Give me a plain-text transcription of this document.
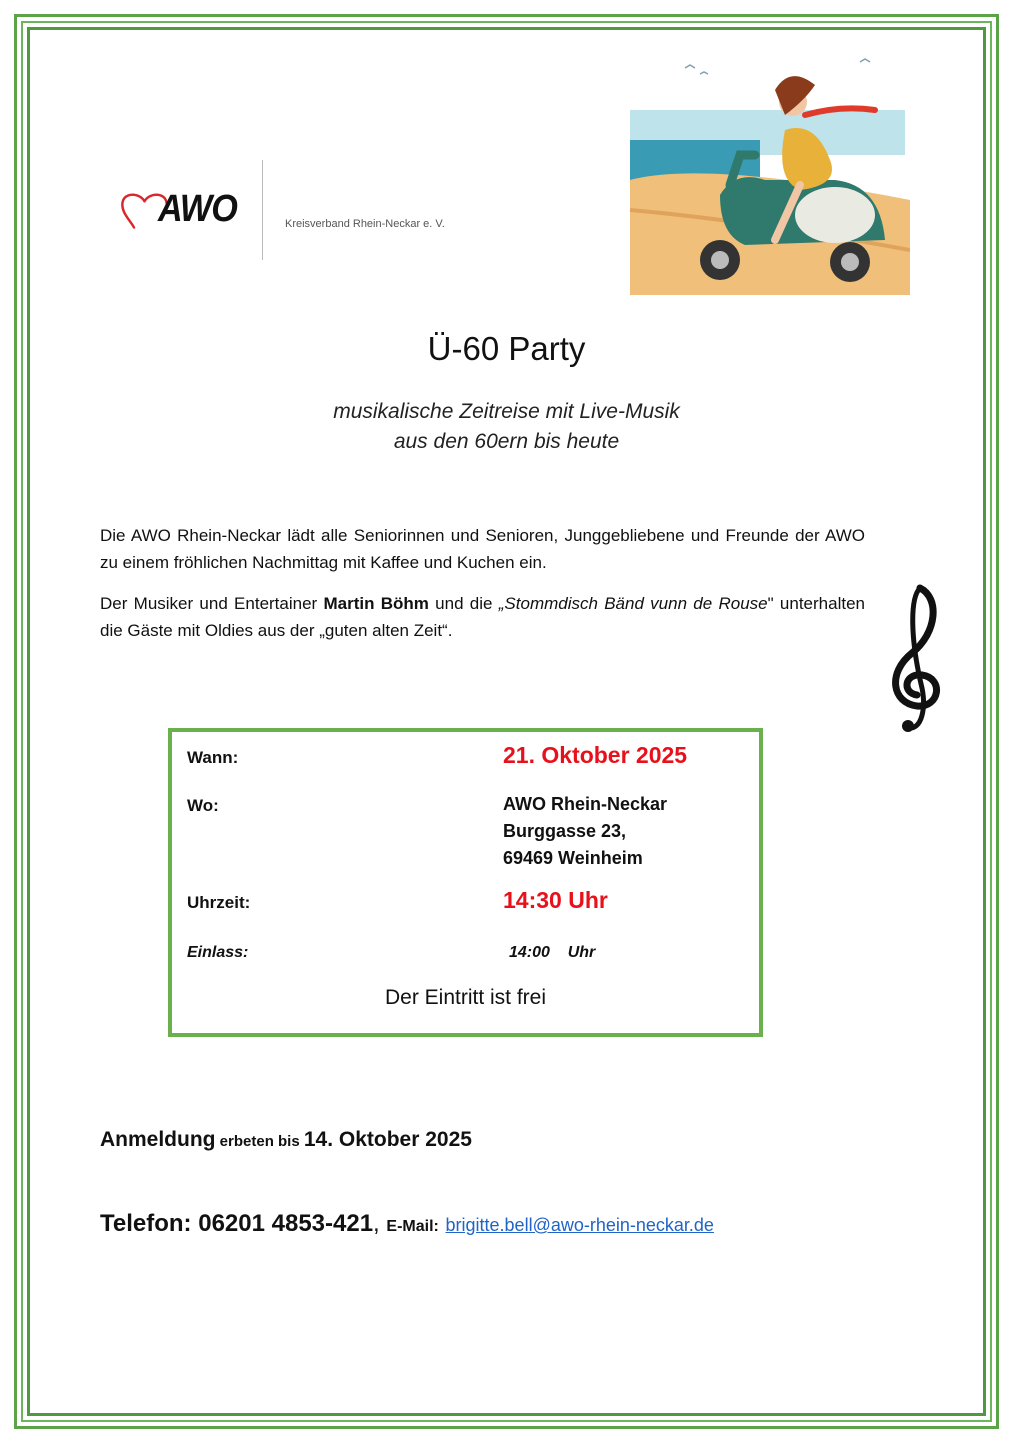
AWO	Kreisverband Rhein-Neckar e. V.
Ü-60 Party
musikalische Zeitreise mit Live-Musik
aus den 60ern bis heute
Die AWO Rhein-Neckar lädt alle Seniorinnen und Senioren, Junggebliebene und Freunde der AWO zu einem fröhlichen Nachmittag mit Kaffee und Kuchen ein.
Der Musiker und Entertainer Martin Böhm und die „Stommdisch Bänd vunn de Rouse" unterhalten die Gäste mit Oldies aus der „guten alten Zeit“.
Wann:	21. Oktober 2025
Wo:	AWO Rhein-Neckar
Burggasse 23,
69469 Weinheim
Uhrzeit:	14:30 Uhr
Einlass:	14:00    Uhr
Der Eintritt ist frei
Anmeldung erbeten bis 14. Oktober 2025
Telefon: 06201 4853-421, E-Mail: brigitte.bell@awo-rhein-neckar.de
